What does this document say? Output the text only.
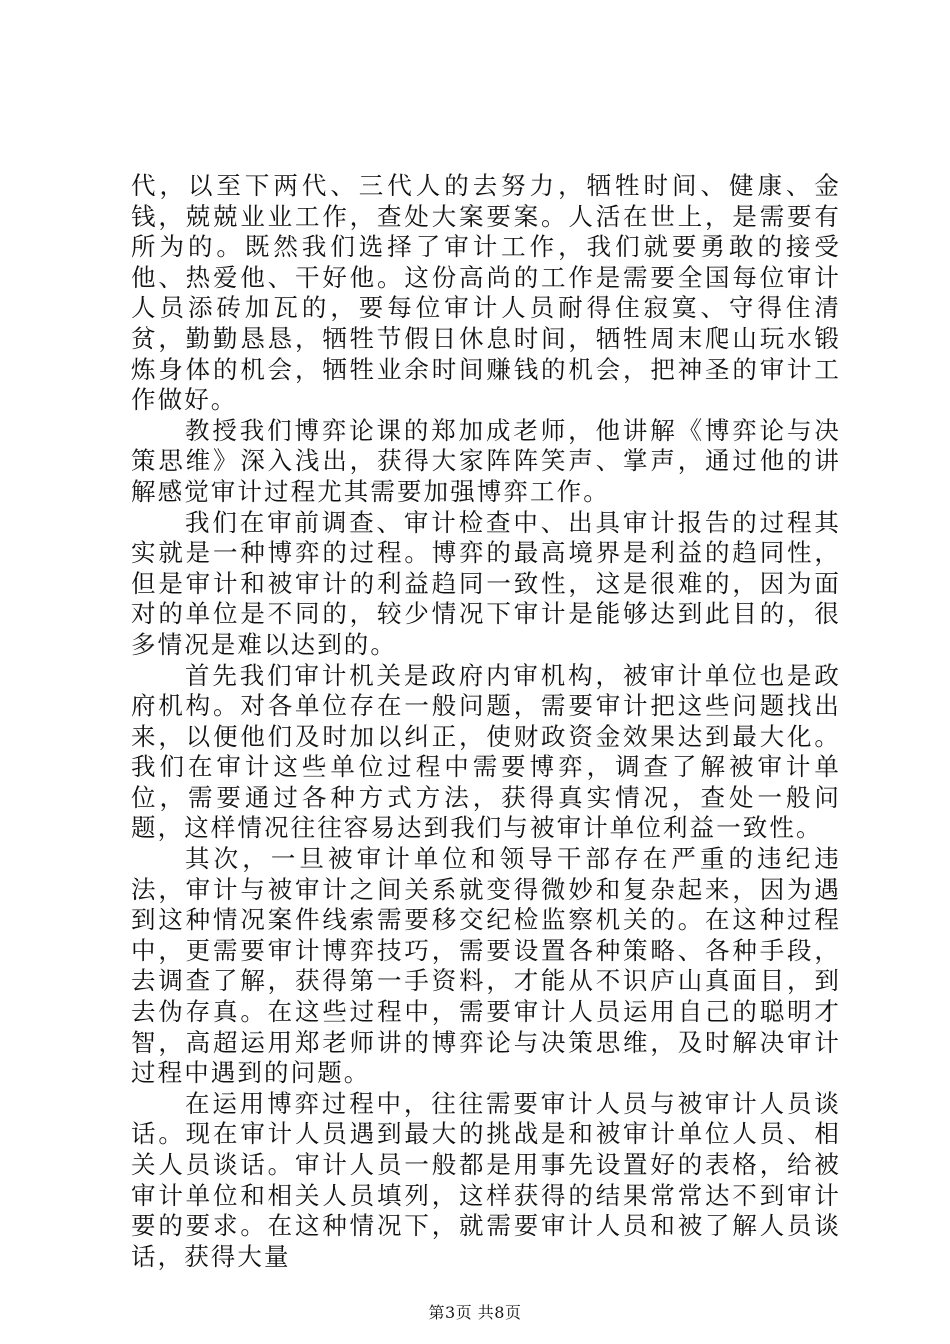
代，以至下两代、三代人的去努力，牺牲时间、健康、金钱，兢兢业业工作，查处大案要案。人活在世上，是需要有所为的。既然我们选择了审计工作，我们就要勇敢的接受他、热爱他、干好他。这份高尚的工作是需要全国每位审计人员添砖加瓦的，要每位审计人员耐得住寂寞、守得住清贫，勤勤恳恳，牺牲节假日休息时间，牺牲周末爬山玩水锻炼身体的机会，牺牲业余时间赚钱的机会，把神圣的审计工作做好。

教授我们博弈论课的郑加成老师，他讲解《博弈论与决策思维》深入浅出，获得大家阵阵笑声、掌声，通过他的讲解感觉审计过程尤其需要加强博弈工作。

我们在审前调查、审计检查中、出具审计报告的过程其实就是一种博弈的过程。博弈的最高境界是利益的趋同性，但是审计和被审计的利益趋同一致性，这是很难的，因为面对的单位是不同的，较少情况下审计是能够达到此目的，很多情况是难以达到的。

首先我们审计机关是政府内审机构，被审计单位也是政府机构。对各单位存在一般问题，需要审计把这些问题找出来，以便他们及时加以纠正，使财政资金效果达到最大化。我们在审计这些单位过程中需要博弈，调查了解被审计单位，需要通过各种方式方法，获得真实情况，查处一般问题，这样情况往往容易达到我们与被审计单位利益一致性。

其次，一旦被审计单位和领导干部存在严重的违纪违法，审计与被审计之间关系就变得微妙和复杂起来，因为遇到这种情况案件线索需要移交纪检监察机关的。在这种过程中，更需要审计博弈技巧，需要设置各种策略、各种手段，去调查了解，获得第一手资料，才能从不识庐山真面目，到去伪存真。在这些过程中，需要审计人员运用自己的聪明才智，高超运用郑老师讲的博弈论与决策思维，及时解决审计过程中遇到的问题。

在运用博弈过程中，往往需要审计人员与被审计人员谈话。现在审计人员遇到最大的挑战是和被审计单位人员、相关人员谈话。审计人员一般都是用事先设置好的表格，给被审计单位和相关人员填列，这样获得的结果常常达不到审计要的要求。在这种情况下，就需要审计人员和被了解人员谈话，获得大量

第3页 共8页
